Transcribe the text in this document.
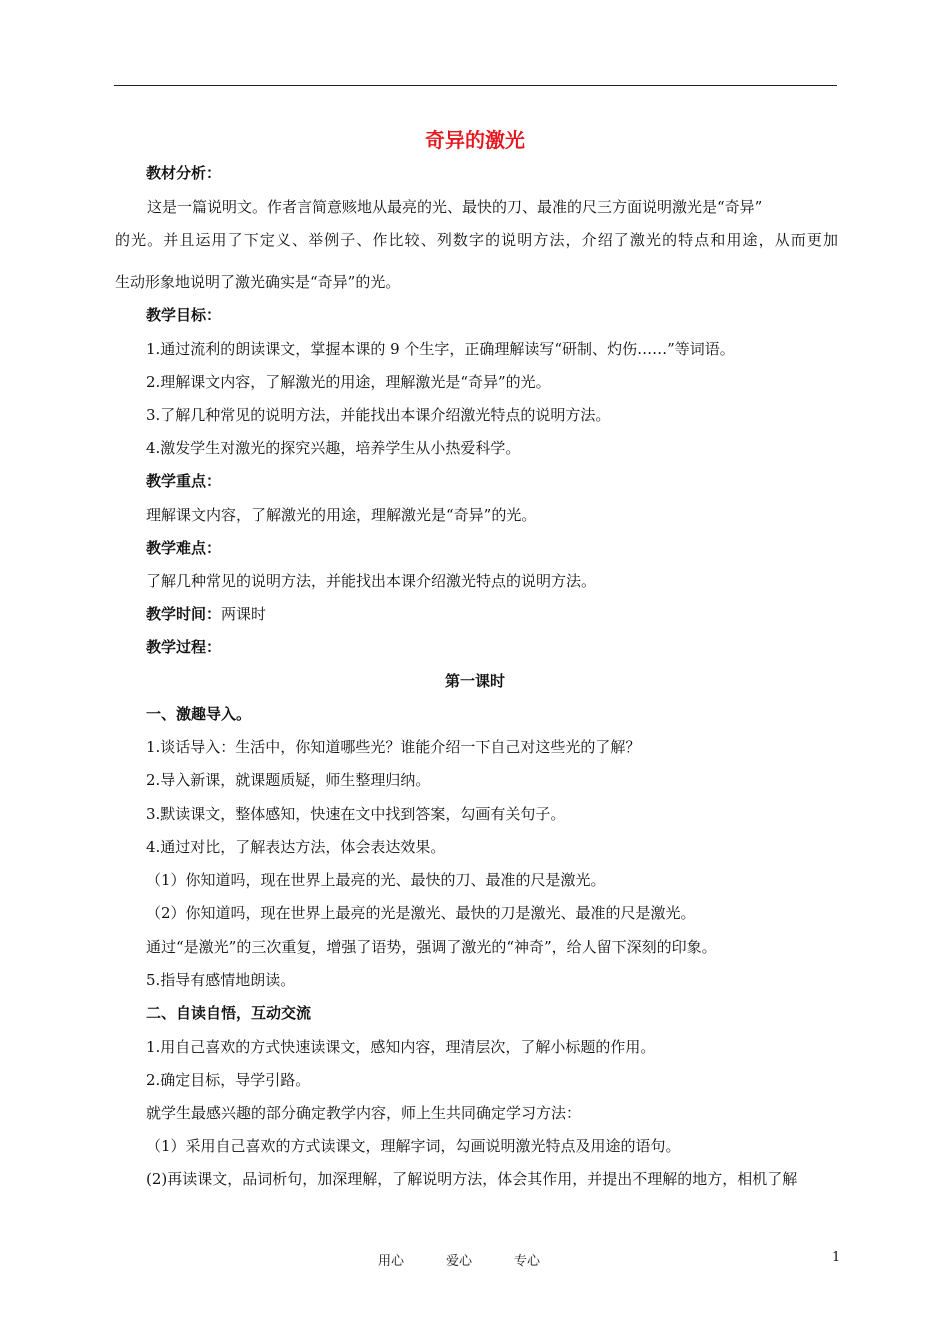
奇异的激光
教材分析：
这是一篇说明文。作者言简意赅地从最亮的光、最快的刀、最准的尺三方面说明激光是“奇异”
的光。并且运用了下定义、举例子、作比较、列数字的说明方法，介绍了激光的特点和用途，从而更加
生动形象地说明了激光确实是“奇异”的光。
教学目标：
1.通过流利的朗读课文，掌握本课的 9 个生字，正确理解读写“研制、灼伤……”等词语。
2.理解课文内容，了解激光的用途，理解激光是“奇异”的光。
3.了解几种常见的说明方法，并能找出本课介绍激光特点的说明方法。
4.激发学生对激光的探究兴趣，培养学生从小热爱科学。
教学重点：
理解课文内容，了解激光的用途，理解激光是“奇异”的光。
教学难点：
了解几种常见的说明方法，并能找出本课介绍激光特点的说明方法。
教学时间：两课时
教学过程：
第一课时
一、激趣导入。
1.谈话导入：生活中，你知道哪些光？谁能介绍一下自己对这些光的了解？
2.导入新课，就课题质疑，师生整理归纳。
3.默读课文，整体感知，快速在文中找到答案，勾画有关句子。
4.通过对比，了解表达方法，体会表达效果。
（1）你知道吗，现在世界上最亮的光、最快的刀、最准的尺是激光。
（2）你知道吗，现在世界上最亮的光是激光、最快的刀是激光、最准的尺是激光。
通过“是激光”的三次重复，增强了语势，强调了激光的“神奇”，给人留下深刻的印象。
5.指导有感情地朗读。
二、自读自悟，互动交流
1.用自己喜欢的方式快速读课文，感知内容，理清层次，了解小标题的作用。
2.确定目标，导学引路。
就学生最感兴趣的部分确定教学内容，师上生共同确定学习方法：
（1）采用自己喜欢的方式读课文，理解字词，勾画说明激光特点及用途的语句。
(2)再读课文，品词析句，加深理解，了解说明方法，体会其作用，并提出不理解的地方，相机了解
用心	爱心	专心	1
